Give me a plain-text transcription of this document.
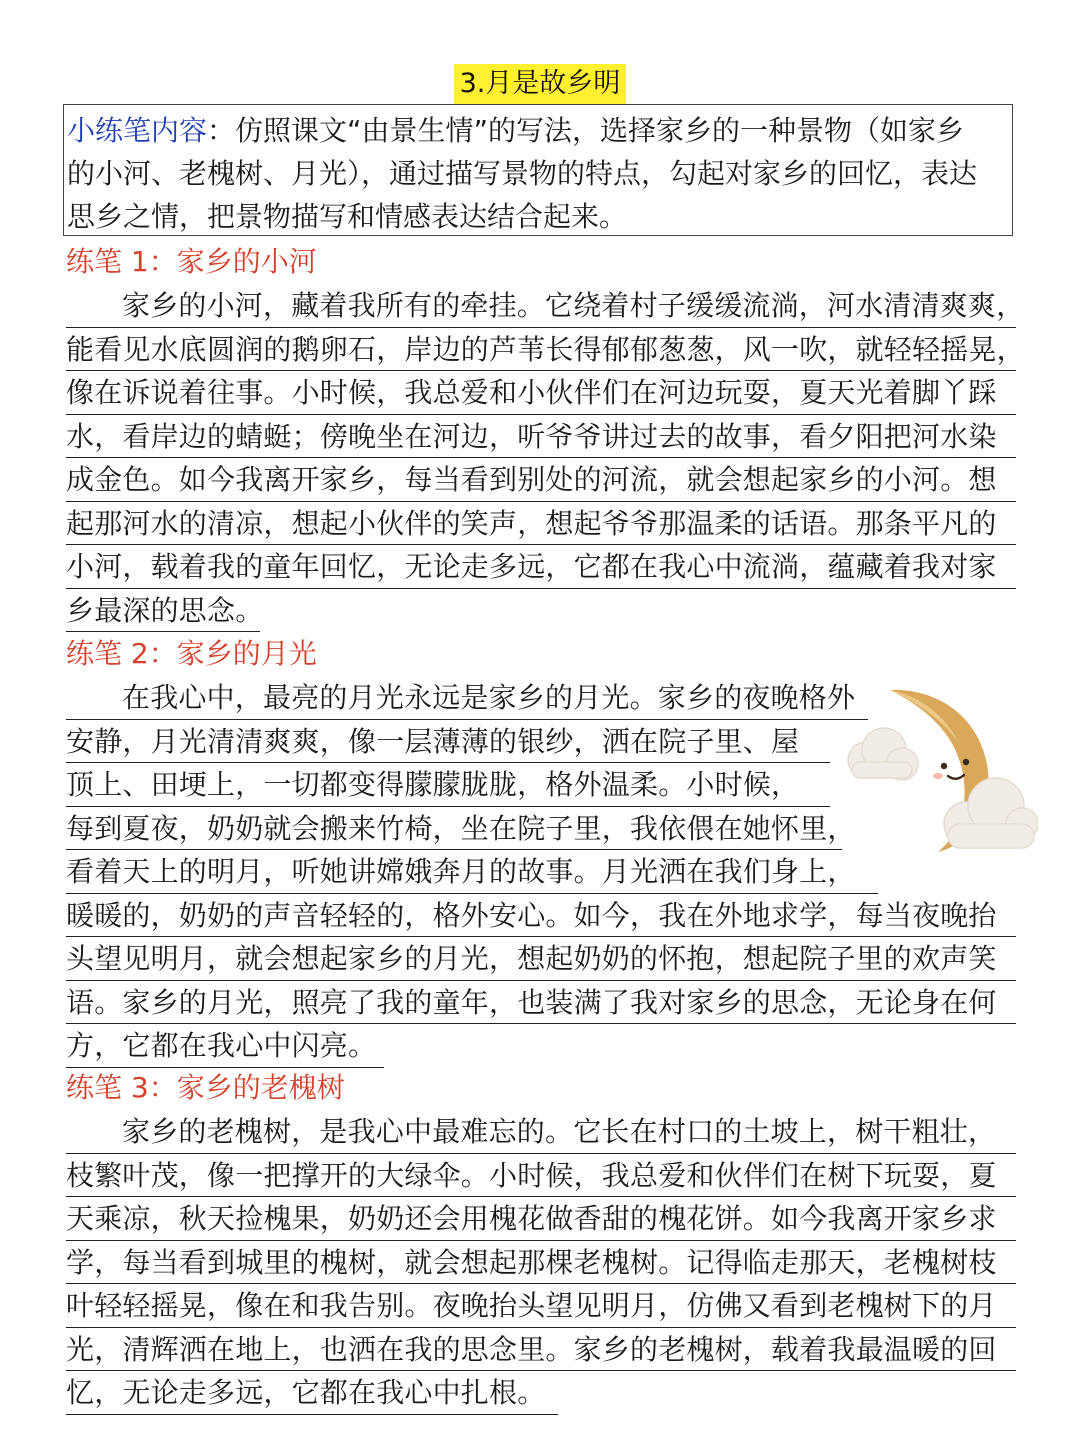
3.月是故乡明
小练笔内容：仿照课文“由景生情”的写法，选择家乡的一种景物（如家乡
的小河、老槐树、月光），通过描写景物的特点，勾起对家乡的回忆，表达
思乡之情，把景物描写和情感表达结合起来。
练笔 1：家乡的小河
家乡的小河，藏着我所有的牵挂。它绕着村子缓缓流淌，河水清清爽爽，
能看见水底圆润的鹅卵石，岸边的芦苇长得郁郁葱葱，风一吹，就轻轻摇晃，
像在诉说着往事。小时候，我总爱和小伙伴们在河边玩耍，夏天光着脚丫踩
水，看岸边的蜻蜓；傍晚坐在河边，听爷爷讲过去的故事，看夕阳把河水染
成金色。如今我离开家乡，每当看到别处的河流，就会想起家乡的小河。想
起那河水的清凉，想起小伙伴的笑声，想起爷爷那温柔的话语。那条平凡的
小河，载着我的童年回忆，无论走多远，它都在我心中流淌，蕴藏着我对家
乡最深的思念。
练笔 2：家乡的月光
在我心中，最亮的月光永远是家乡的月光。家乡的夜晚格外
安静，月光清清爽爽，像一层薄薄的银纱，洒在院子里、屋
顶上、田埂上，一切都变得朦朦胧胧，格外温柔。小时候，
每到夏夜，奶奶就会搬来竹椅，坐在院子里，我依偎在她怀里，
看着天上的明月，听她讲嫦娥奔月的故事。月光洒在我们身上，
暖暖的，奶奶的声音轻轻的，格外安心。如今，我在外地求学，每当夜晚抬
头望见明月，就会想起家乡的月光，想起奶奶的怀抱，想起院子里的欢声笑
语。家乡的月光，照亮了我的童年，也装满了我对家乡的思念，无论身在何
方，它都在我心中闪亮。
练笔 3：家乡的老槐树
家乡的老槐树，是我心中最难忘的。它长在村口的土坡上，树干粗壮，
枝繁叶茂，像一把撑开的大绿伞。小时候，我总爱和伙伴们在树下玩耍，夏
天乘凉，秋天捡槐果，奶奶还会用槐花做香甜的槐花饼。如今我离开家乡求
学，每当看到城里的槐树，就会想起那棵老槐树。记得临走那天，老槐树枝
叶轻轻摇晃，像在和我告别。夜晚抬头望见明月，仿佛又看到老槐树下的月
光，清辉洒在地上，也洒在我的思念里。家乡的老槐树，载着我最温暖的回
忆，无论走多远，它都在我心中扎根。
